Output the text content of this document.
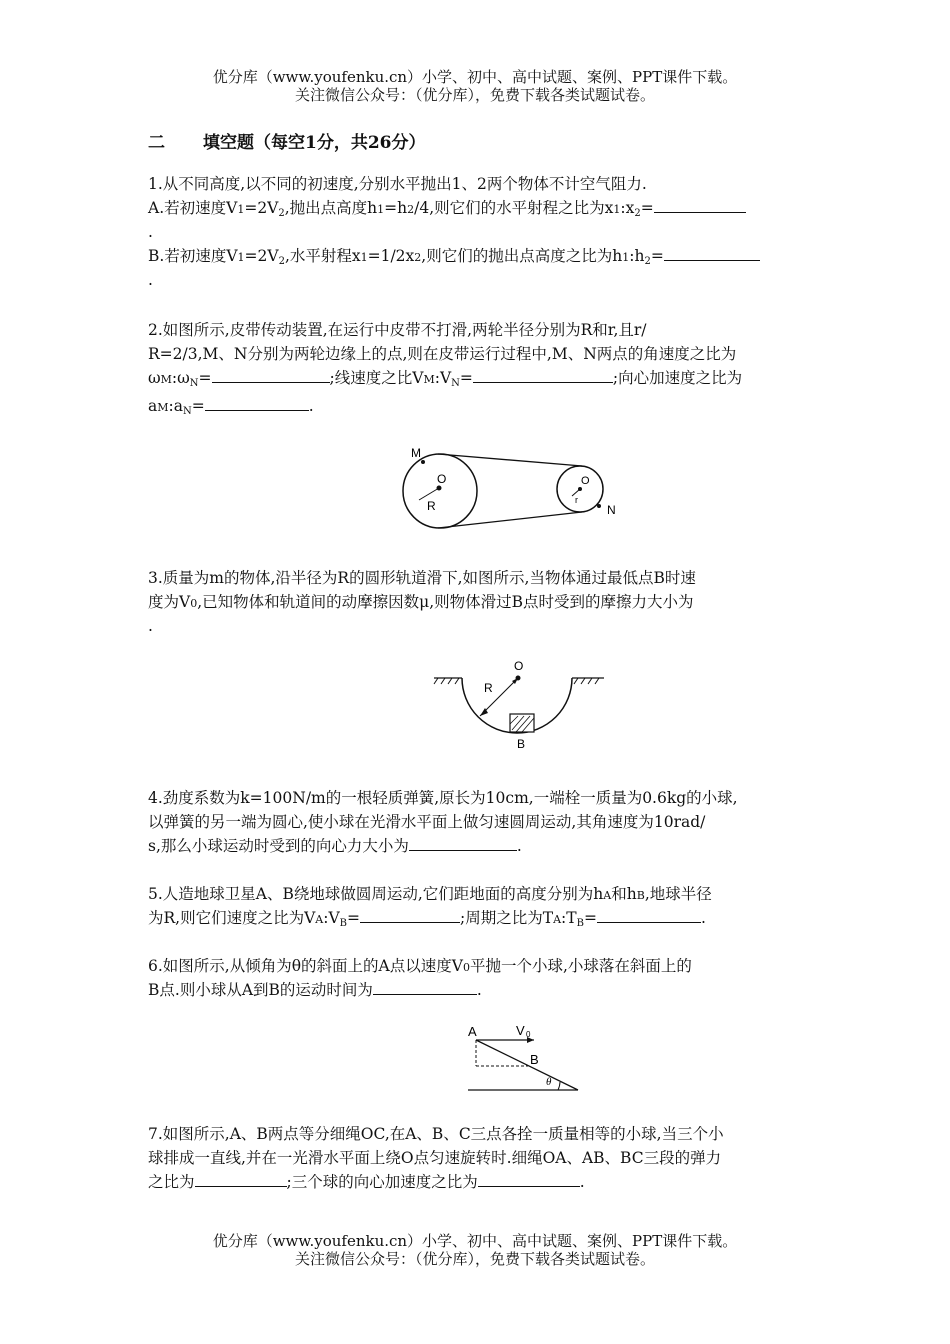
优分库（www.youfenku.cn）小学、初中、高中试题、案例、PPT课件下载。
关注微信公众号：（优分库），免费下载各类试题试卷。
二 填空题（每空1分，共26分）
1.从不同高度,以不同的初速度,分别水平抛出1、2两个物体不计空气阻力.
A.若初速度$V1=2V_2$,抛出点高度h1=h2/4,则它们的水平射程之比为$x1:x_2=$
.
B.若初速度$V1=2V_2$,水平射程x1=1/2x2,则它们的抛出点高度之比为$h1:h_2=$
.
2.如图所示,皮带传动装置,在运行中皮带不打滑,两轮半径分别为R和r,且r/
R=2/3,M、N分别为两轮边缘上的点,则在皮带运行过程中,M、N两点的角速度之比为
$\omega M:\omega_N=$	;线速度之比$VM:V_N=$	;向心加速度之比为
$aM:a_N=$	.
M
O
R
O
r
N
3.质量为m的物体,沿半径为R的圆形轨道滑下,如图所示,当物体通过最低点B时速
度为V0,已知物体和轨道间的动摩擦因数μ,则物体滑过B点时受到的摩擦力大小为
.
O
R
B
4.劲度系数为k=100N/m的一根轻质弹簧,原长为10cm,一端栓一质量为0.6kg的小球,
以弹簧的另一端为圆心,使小球在光滑水平面上做匀速圆周运动,其角速度为10rad/
s,那么小球运动时受到的向心力大小为	.
5.人造地球卫星A、B绕地球做圆周运动,它们距地面的高度分别为hA和hB,地球半径
为R,则它们速度之比为$VA:V_B=$	;周期之比为$TA:T_B=$	.
6.如图所示,从倾角为θ的斜面上的A点以速度V0平抛一个小球,小球落在斜面上的
B点.则小球从A到B的运动时间为	.
A	V 0
B
θ
7.如图所示,A、B两点等分细绳OC,在A、B、C三点各拴一质量相等的小球,当三个小
球排成一直线,并在一光滑水平面上绕O点匀速旋转时.细绳OA、AB、BC三段的弹力
之比为	;三个球的向心加速度之比为	.
优分库（www.youfenku.cn）小学、初中、高中试题、案例、PPT课件下载。
关注微信公众号：（优分库），免费下载各类试题试卷。
